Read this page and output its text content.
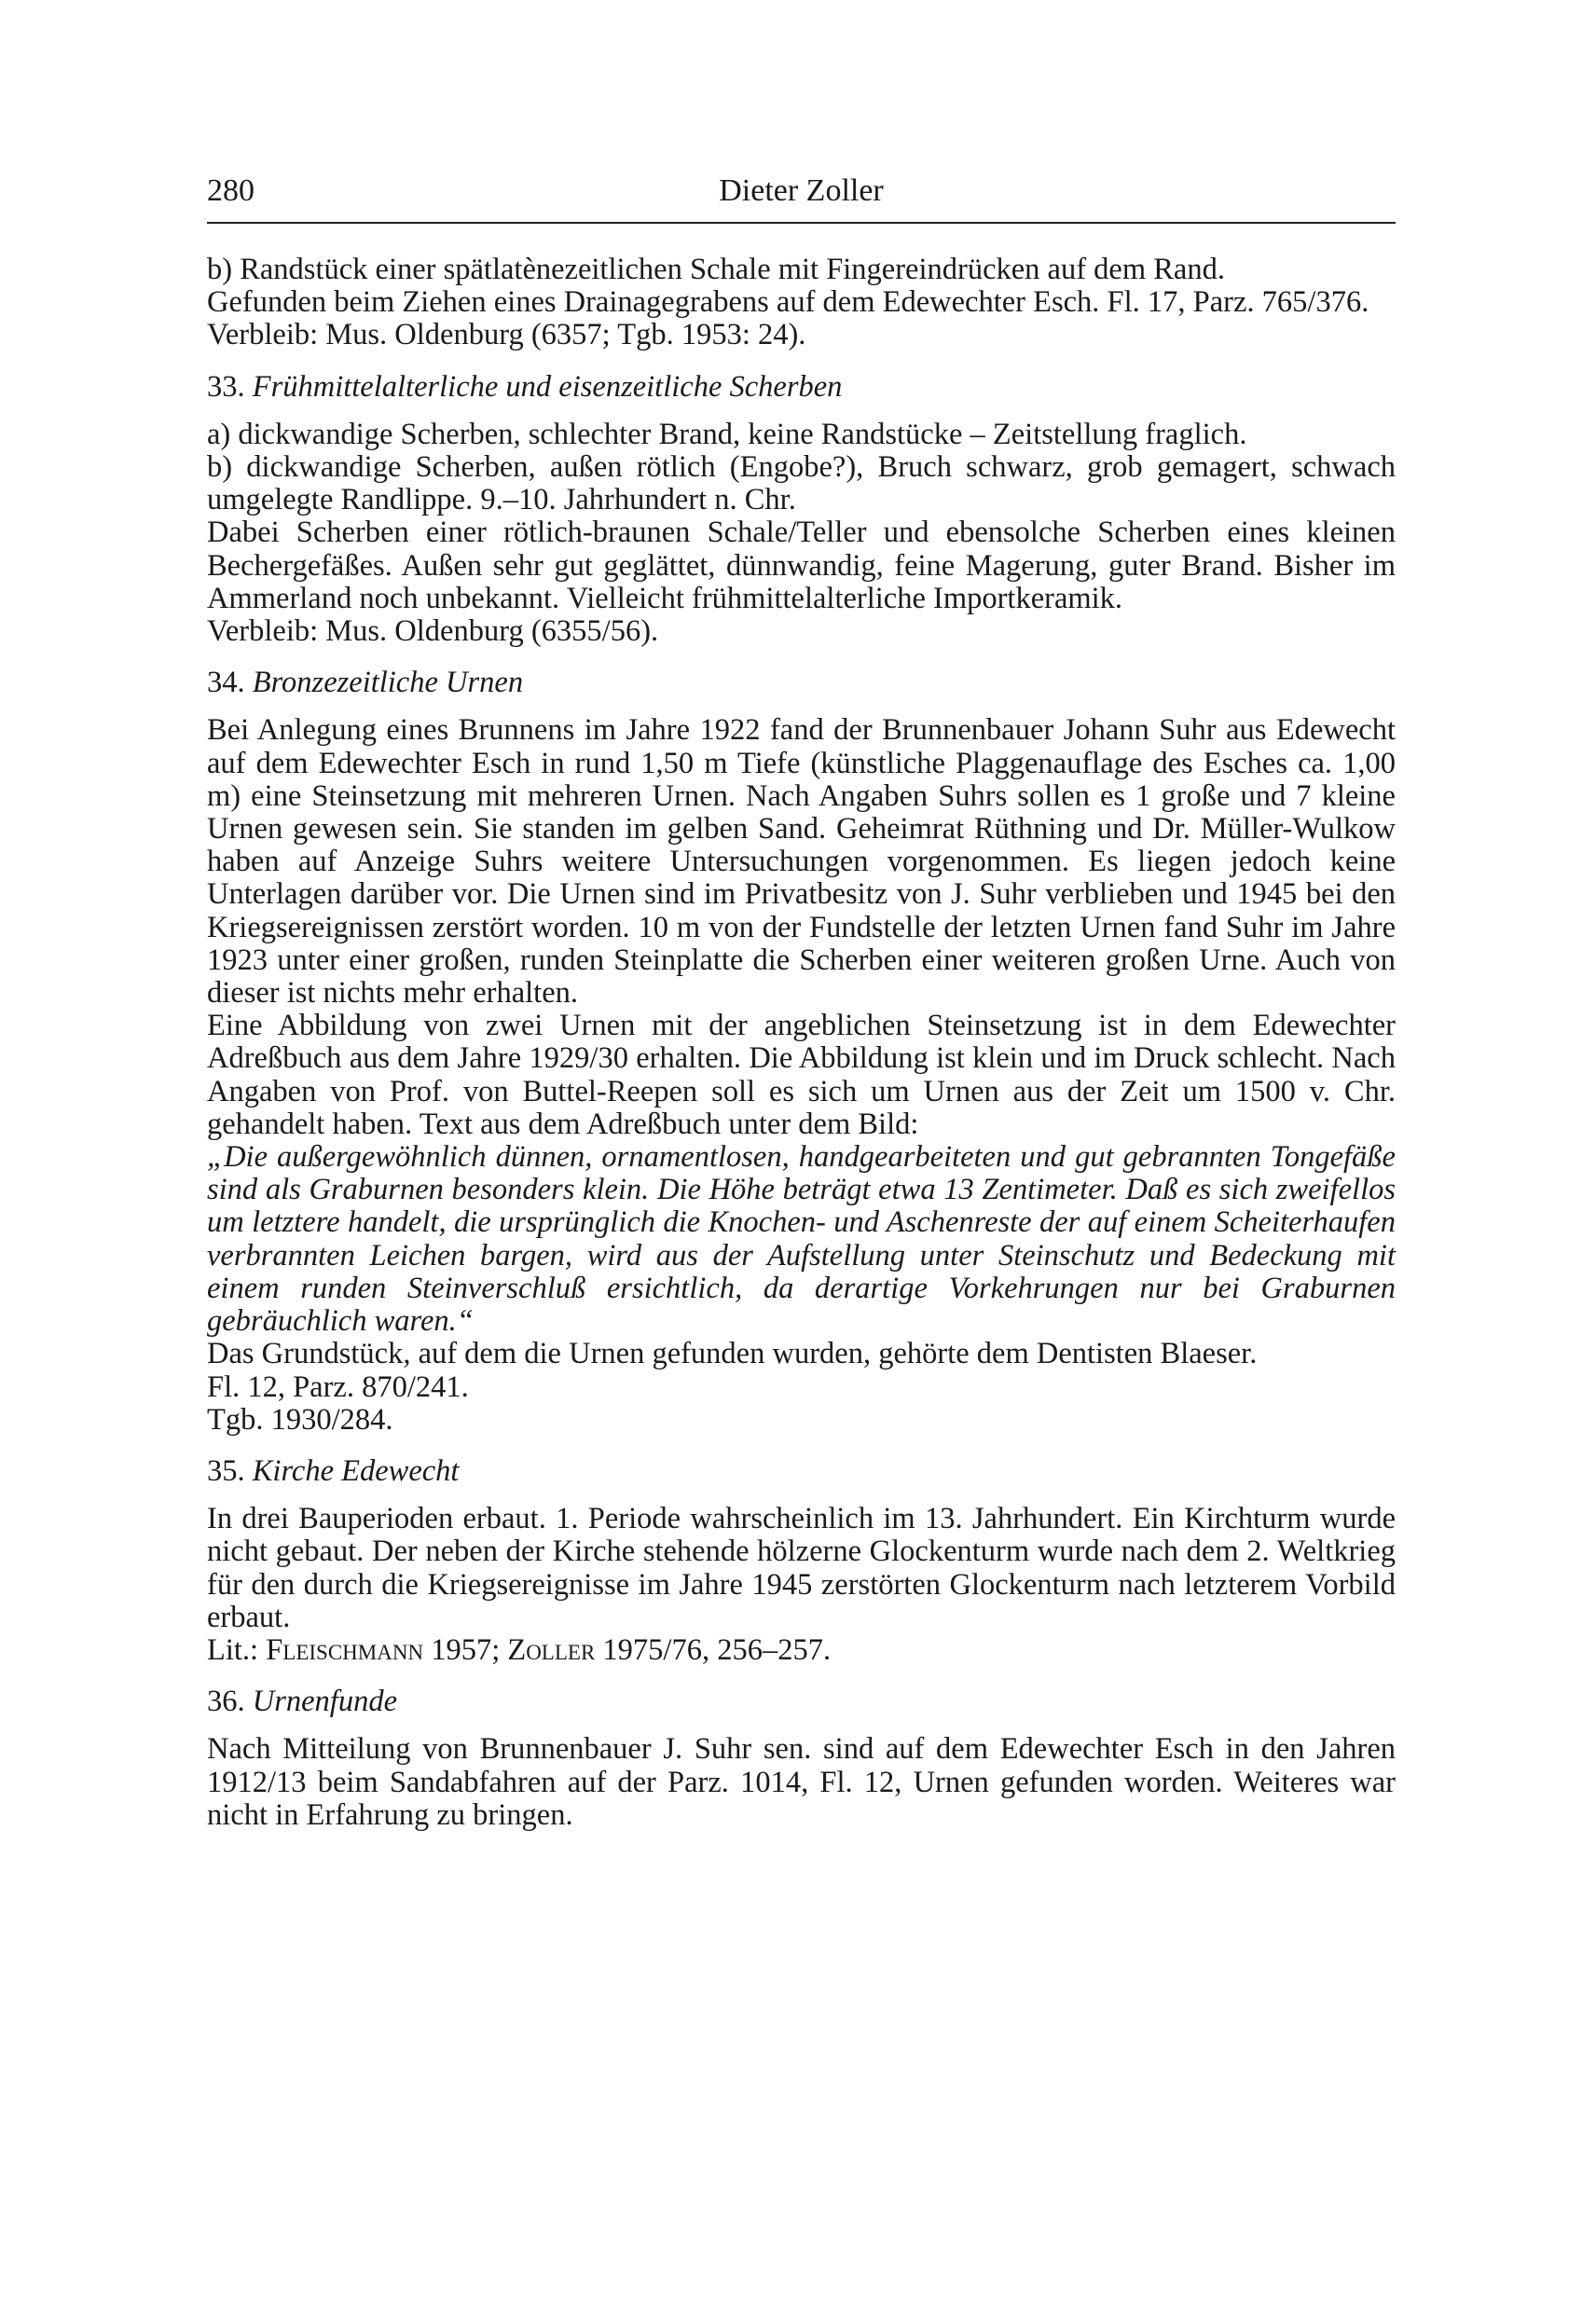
280	Dieter Zoller

b) Randstück einer spätlatènezeitlichen Schale mit Fingereindrücken auf dem Rand.

Gefunden beim Ziehen eines Drainagegrabens auf dem Edewechter Esch. Fl. 17, Parz. 765/376.

Verbleib: Mus. Oldenburg (6357; Tgb. 1953: 24).

33. Frühmittelalterliche und eisenzeitliche Scherben

a) dickwandige Scherben, schlechter Brand, keine Randstücke – Zeitstellung fraglich.

b) dickwandige Scherben, außen rötlich (Engobe?), Bruch schwarz, grob gemagert, schwach umgelegte Randlippe. 9.–10. Jahrhundert n. Chr.

Dabei Scherben einer rötlich-braunen Schale/Teller und ebensolche Scherben eines kleinen Bechergefäßes. Außen sehr gut geglättet, dünnwandig, feine Magerung, guter Brand. Bisher im Ammerland noch unbekannt. Vielleicht frühmittelalterliche Importkeramik.

Verbleib: Mus. Oldenburg (6355/56).

34. Bronzezeitliche Urnen

Bei Anlegung eines Brunnens im Jahre 1922 fand der Brunnenbauer Johann Suhr aus Edewecht auf dem Edewechter Esch in rund 1,50 m Tiefe (künstliche Plaggenauflage des Esches ca. 1,00 m) eine Steinsetzung mit mehreren Urnen. Nach Angaben Suhrs sollen es 1 große und 7 kleine Urnen gewesen sein. Sie standen im gelben Sand. Geheimrat Rüthning und Dr. Müller-Wulkow haben auf Anzeige Suhrs weitere Untersuchungen vorgenommen. Es liegen jedoch keine Unterlagen darüber vor. Die Urnen sind im Privatbesitz von J. Suhr verblieben und 1945 bei den Kriegsereignissen zerstört worden. 10 m von der Fundstelle der letzten Urnen fand Suhr im Jahre 1923 unter einer großen, runden Steinplatte die Scherben einer weiteren großen Urne. Auch von dieser ist nichts mehr erhalten.

Eine Abbildung von zwei Urnen mit der angeblichen Steinsetzung ist in dem Edewechter Adreßbuch aus dem Jahre 1929/30 erhalten. Die Abbildung ist klein und im Druck schlecht. Nach Angaben von Prof. von Buttel-Reepen soll es sich um Urnen aus der Zeit um 1500 v. Chr. gehandelt haben. Text aus dem Adreßbuch unter dem Bild:

„Die außergewöhnlich dünnen, ornamentlosen, handgearbeiteten und gut gebrannten Tongefäße sind als Graburnen besonders klein. Die Höhe beträgt etwa 13 Zentimeter. Daß es sich zweifellos um letztere handelt, die ursprünglich die Knochen- und Aschenreste der auf einem Scheiterhaufen verbrannten Leichen bargen, wird aus der Aufstellung unter Steinschutz und Bedeckung mit einem runden Steinverschluß ersichtlich, da derartige Vorkehrungen nur bei Graburnen gebräuchlich waren.“

Das Grundstück, auf dem die Urnen gefunden wurden, gehörte dem Dentisten Blaeser.

Fl. 12, Parz. 870/241.

Tgb. 1930/284.

35. Kirche Edewecht

In drei Bauperioden erbaut. 1. Periode wahrscheinlich im 13. Jahrhundert. Ein Kirchturm wurde nicht gebaut. Der neben der Kirche stehende hölzerne Glockenturm wurde nach dem 2. Weltkrieg für den durch die Kriegsereignisse im Jahre 1945 zerstörten Glockenturm nach letzterem Vorbild erbaut.

Lit.: Fleischmann 1957; Zoller 1975/76, 256–257.

36. Urnenfunde

Nach Mitteilung von Brunnenbauer J. Suhr sen. sind auf dem Edewechter Esch in den Jahren 1912/13 beim Sandabfahren auf der Parz. 1014, Fl. 12, Urnen gefunden worden. Weiteres war nicht in Erfahrung zu bringen.
